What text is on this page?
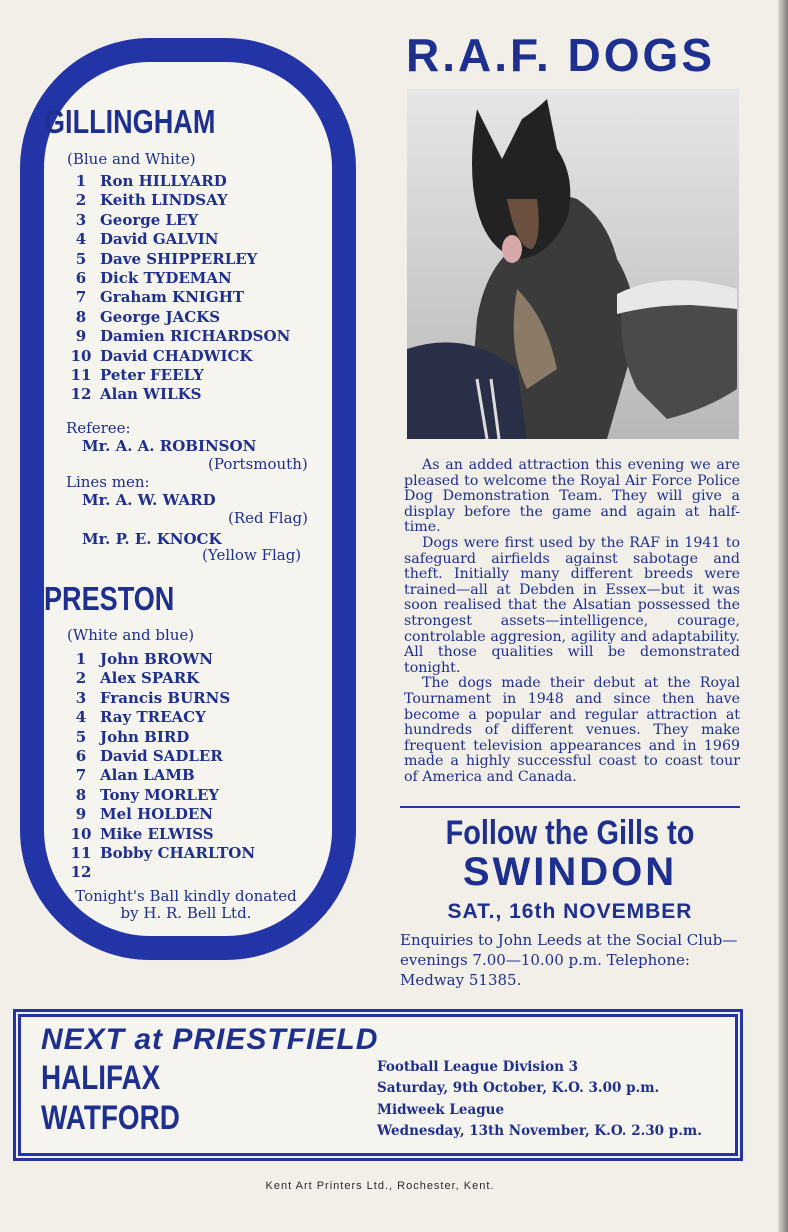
GILLINGHAM
(Blue and White)
1 Ron HILLYARD
2 Keith LINDSAY
3 George LEY
4 David GALVIN
5 Dave SHIPPERLEY
6 Dick TYDEMAN
7 Graham KNIGHT
8 George JACKS
9 Damien RICHARDSON
10 David CHADWICK
11 Peter FEELY
12 Alan WILKS
Referee:
Mr. A. A. ROBINSON
(Portsmouth)
Lines men:
Mr. A. W. WARD
(Red Flag)
Mr. P. E. KNOCK
(Yellow Flag)
PRESTON
(White and blue)
1 John BROWN
2 Alex SPARK
3 Francis BURNS
4 Ray TREACY
5 John BIRD
6 David SADLER
7 Alan LAMB
8 Tony MORLEY
9 Mel HOLDEN
10 Mike ELWISS
11 Bobby CHARLTON
12
Tonight's Ball kindly donated by H. R. Bell Ltd.
R.A.F. DOGS

As an added attraction this evening we are pleased to welcome the Royal Air Force Police Dog Demonstration Team. They will give a display before the game and again at half-time.

Dogs were first used by the RAF in 1941 to safeguard airfields against sabotage and theft. Initially many different breeds were trained—all at Debden in Essex—but it was soon realised that the Alsatian possessed the strongest assets—intelligence, courage, controlable aggresion, agility and adaptability. All those qualities will be demonstrated tonight.

The dogs made their debut at the Royal Tournament in 1948 and since then have become a popular and regular attraction at hundreds of different venues. They make frequent television appearances and in 1969 made a highly successful coast to coast tour of America and Canada.

Follow the Gills to
SWINDON
SAT., 16th NOVEMBER
Enquiries to John Leeds at the Social Club—evenings 7.00—10.00 p.m. Telephone: Medway 51385.
NEXT at PRIESTFIELD
HALIFAX
WATFORD
Football League Division 3
Saturday, 9th October, K.O. 3.00 p.m.
Midweek League
Wednesday, 13th November, K.O. 2.30 p.m.
Kent Art Printers Ltd., Rochester, Kent.
